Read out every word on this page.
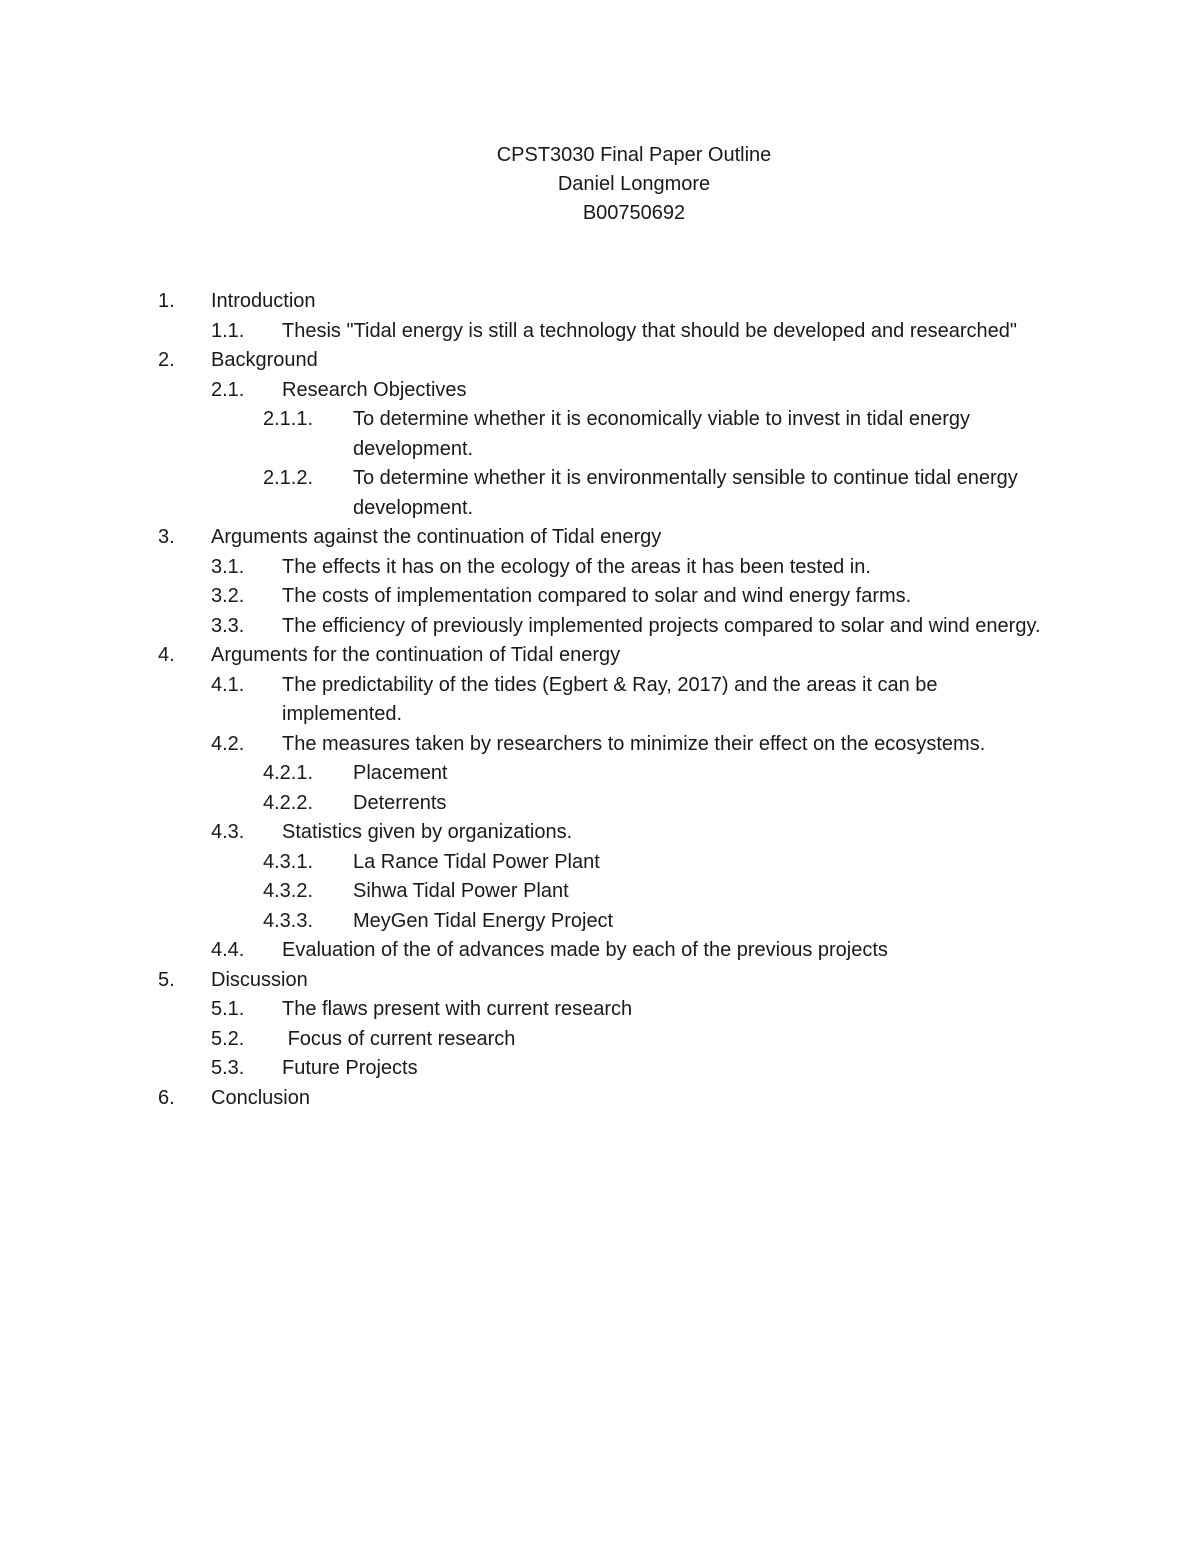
CPST3030 Final Paper Outline
Daniel Longmore
B00750692
1. Introduction
1.1. Thesis "Tidal energy is still a technology that should be developed and researched"
2. Background
2.1. Research Objectives
2.1.1. To determine whether it is economically viable to invest in tidal energy development.
2.1.2. To determine whether it is environmentally sensible to continue tidal energy development.
3. Arguments against the continuation of Tidal energy
3.1. The effects it has on the ecology of the areas it has been tested in.
3.2. The costs of implementation compared to solar and wind energy farms.
3.3. The efficiency of previously implemented projects compared to solar and wind energy.
4. Arguments for the continuation of Tidal energy
4.1. The predictability of the tides (Egbert & Ray, 2017) and the areas it can be implemented.
4.2. The measures taken by researchers to minimize their effect on the ecosystems.
4.2.1. Placement
4.2.2. Deterrents
4.3. Statistics given by organizations.
4.3.1. La Rance Tidal Power Plant
4.3.2. Sihwa Tidal Power Plant
4.3.3. MeyGen Tidal Energy Project
4.4. Evaluation of the of advances made by each of the previous projects
5. Discussion
5.1. The flaws present with current research
5.2. Focus of current research
5.3. Future Projects
6. Conclusion
